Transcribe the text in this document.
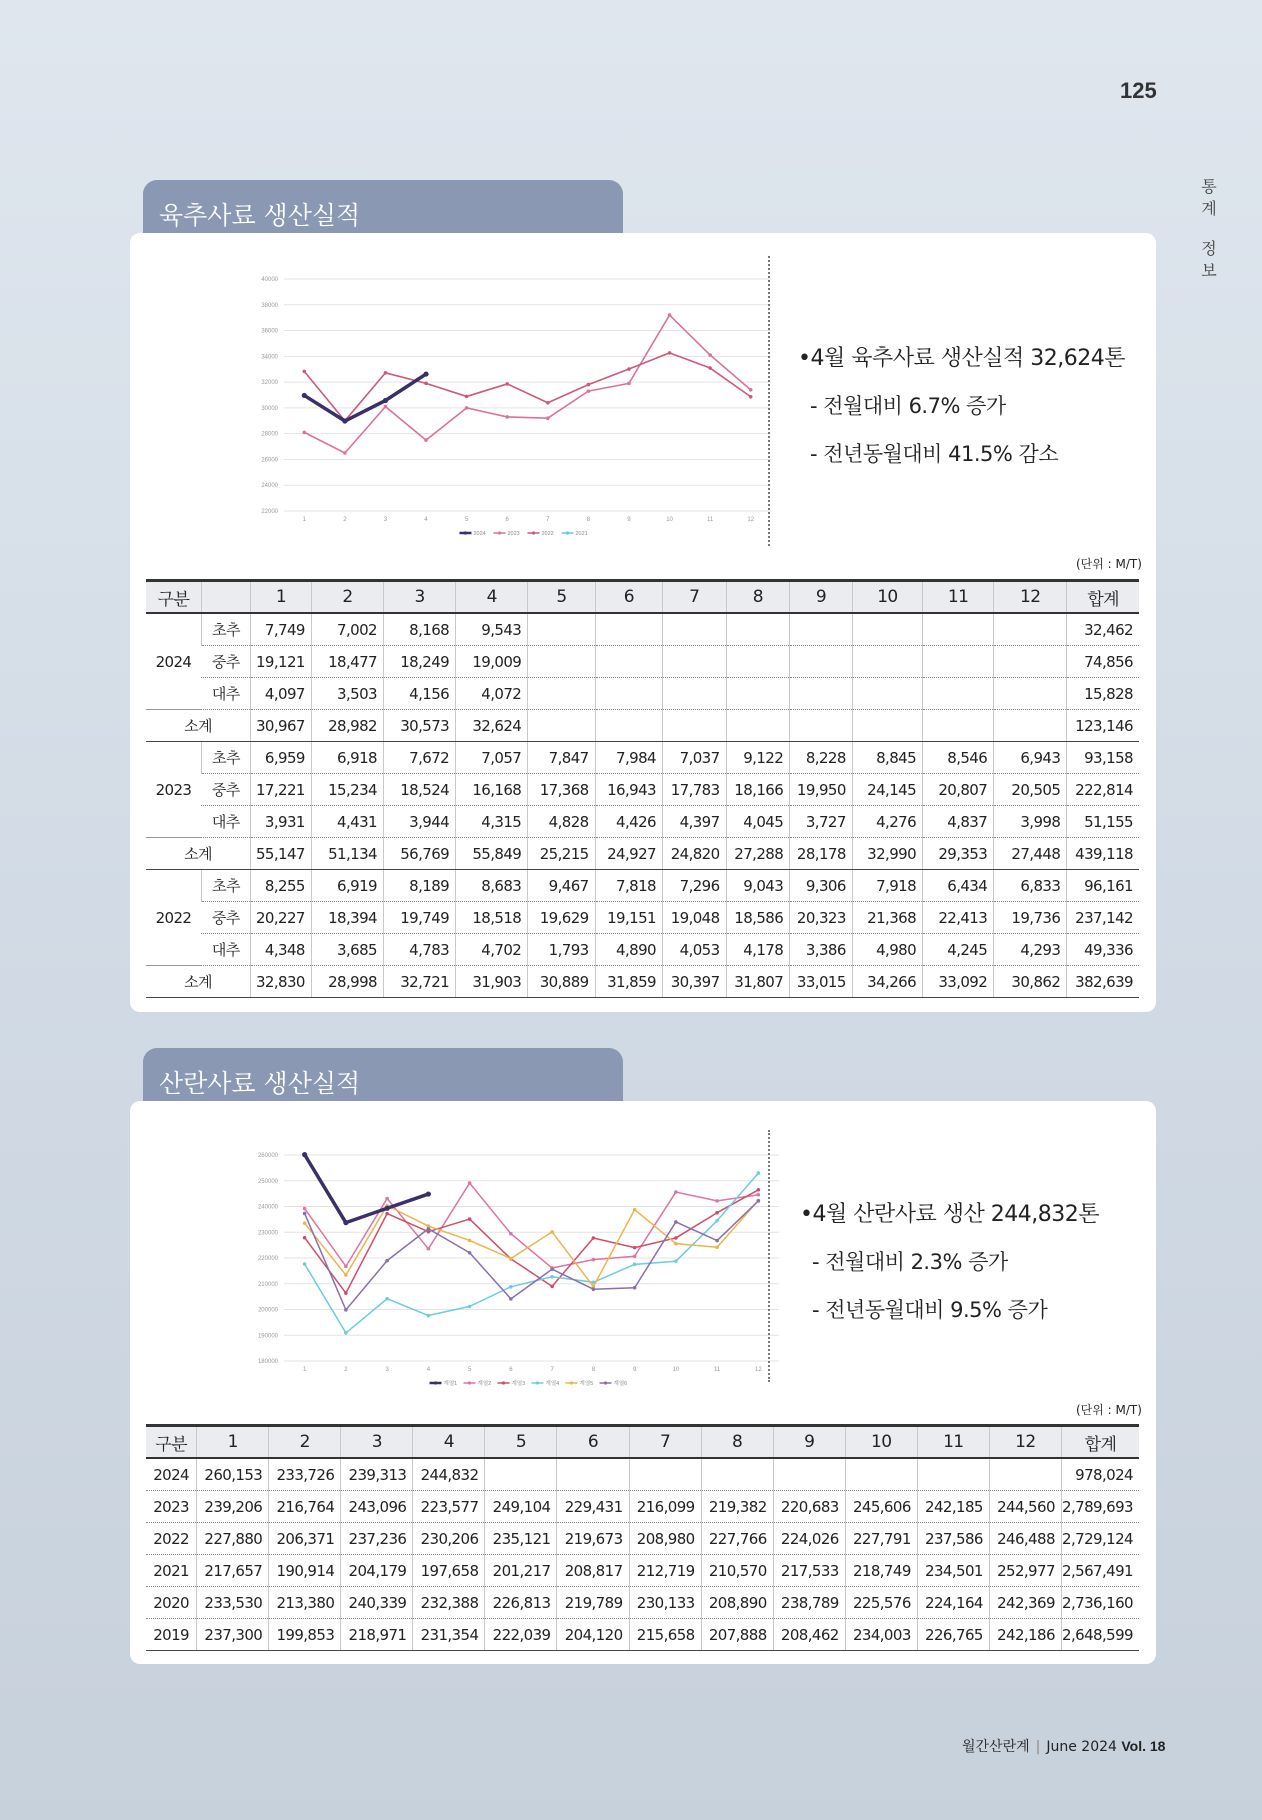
125
통
계
정
보
육추사료 생산실적
22000
24000
26000
28000
30000
32000
34000
36000
38000
40000
1	2	3	4	5	6	7	8	9	10	11	12
2024	2023	2022	2021
•4월 육추사료 생산실적 32,624톤
- 전월대비 6.7% 증가
- 전년동월대비 41.5% 감소
(단위 : M/T)
구분		1	2	3	4	5	6	7	8	9	10	11	12	합계
2024	초추	7,749	7,002	8,168	9,543									32,462
	중추	19,121	18,477	18,249	19,009									74,856
	대추	4,097	3,503	4,156	4,072									15,828
소계		30,967	28,982	30,573	32,624									123,146
2023	초추	6,959	6,918	7,672	7,057	7,847	7,984	7,037	9,122	8,228	8,845	8,546	6,943	93,158
	중추	17,221	15,234	18,524	16,168	17,368	16,943	17,783	18,166	19,950	24,145	20,807	20,505	222,814
	대추	3,931	4,431	3,944	4,315	4,828	4,426	4,397	4,045	3,727	4,276	4,837	3,998	51,155
소계		55,147	51,134	56,769	55,849	25,215	24,927	24,820	27,288	28,178	32,990	29,353	27,448	439,118
2022	초추	8,255	6,919	8,189	8,683	9,467	7,818	7,296	9,043	9,306	7,918	6,434	6,833	96,161
	중추	20,227	18,394	19,749	18,518	19,629	19,151	19,048	18,586	20,323	21,368	22,413	19,736	237,142
	대추	4,348	3,685	4,783	4,702	1,793	4,890	4,053	4,178	3,386	4,980	4,245	4,293	49,336
소계		32,830	28,998	32,721	31,903	30,889	31,859	30,397	31,807	33,015	34,266	33,092	30,862	382,639
산란사료 생산실적
180000
190000
200000
210000
220000
230000
240000
250000
260000
1	2	3	4	5	6	7	8	9	10	11	12
계열1	계열2	계열3	계열4	계열5	계열6
•4월 산란사료 생산 244,832톤
- 전월대비 2.3% 증가
- 전년동월대비 9.5% 증가
(단위 : M/T)
구분	1	2	3	4	5	6	7	8	9	10	11	12	합계
2024	260,153	233,726	239,313	244,832									978,024
2023	239,206	216,764	243,096	223,577	249,104	229,431	216,099	219,382	220,683	245,606	242,185	244,560	2,789,693
2022	227,880	206,371	237,236	230,206	235,121	219,673	208,980	227,766	224,026	227,791	237,586	246,488	2,729,124
2021	217,657	190,914	204,179	197,658	201,217	208,817	212,719	210,570	217,533	218,749	234,501	252,977	2,567,491
2020	233,530	213,380	240,339	232,388	226,813	219,789	230,133	208,890	238,789	225,576	224,164	242,369	2,736,160
2019	237,300	199,853	218,971	231,354	222,039	204,120	215,658	207,888	208,462	234,003	226,765	242,186	2,648,599
월간산란계 | June 2024 Vol. 18
